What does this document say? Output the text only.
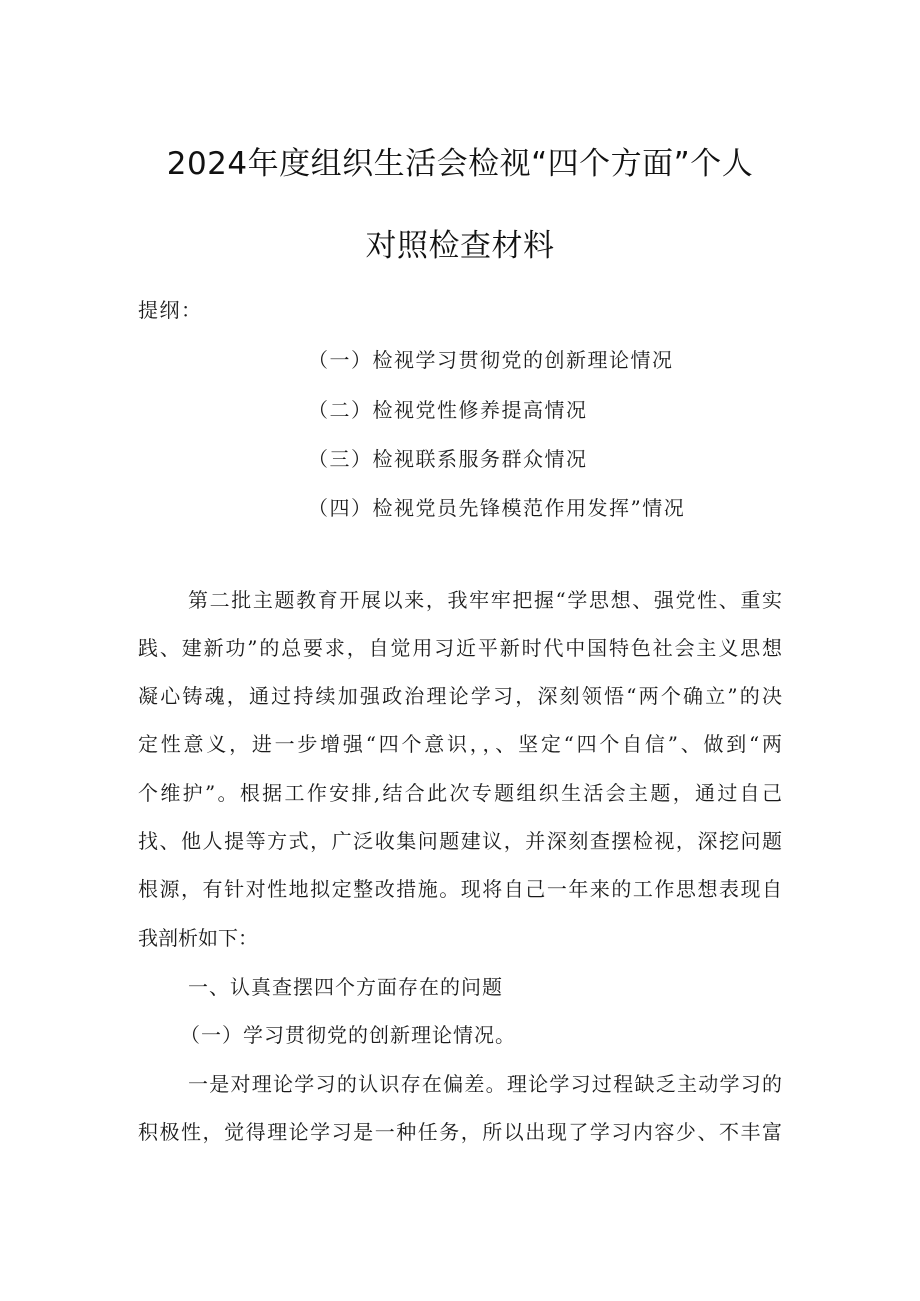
2024年度组织生活会检视“四个方面”个人
对照检查材料
提纲：
（一）检视学习贯彻党的创新理论情况
（二）检视党性修养提高情况
（三）检视联系服务群众情况
（四）检视党员先锋模范作用发挥”情况
第二批主题教育开展以来，我牢牢把握“学思想、强党性、重实
践、建新功”的总要求，自觉用习近平新时代中国特色社会主义思想
凝心铸魂，通过持续加强政治理论学习，深刻领悟“两个确立”的决
定性意义，进一步增强“四个意识，，、坚定“四个自信”、做到“两
个维护”。根据工作安排,结合此次专题组织生活会主题，通过自己
找、他人提等方式，广泛收集问题建议，并深刻查摆检视，深挖问题
根源，有针对性地拟定整改措施。现将自己一年来的工作思想表现自
我剖析如下：
一、认真查摆四个方面存在的问题
（一）学习贯彻党的创新理论情况。
一是对理论学习的认识存在偏差。理论学习过程缺乏主动学习的
积极性，觉得理论学习是一种任务，所以出现了学习内容少、不丰富
